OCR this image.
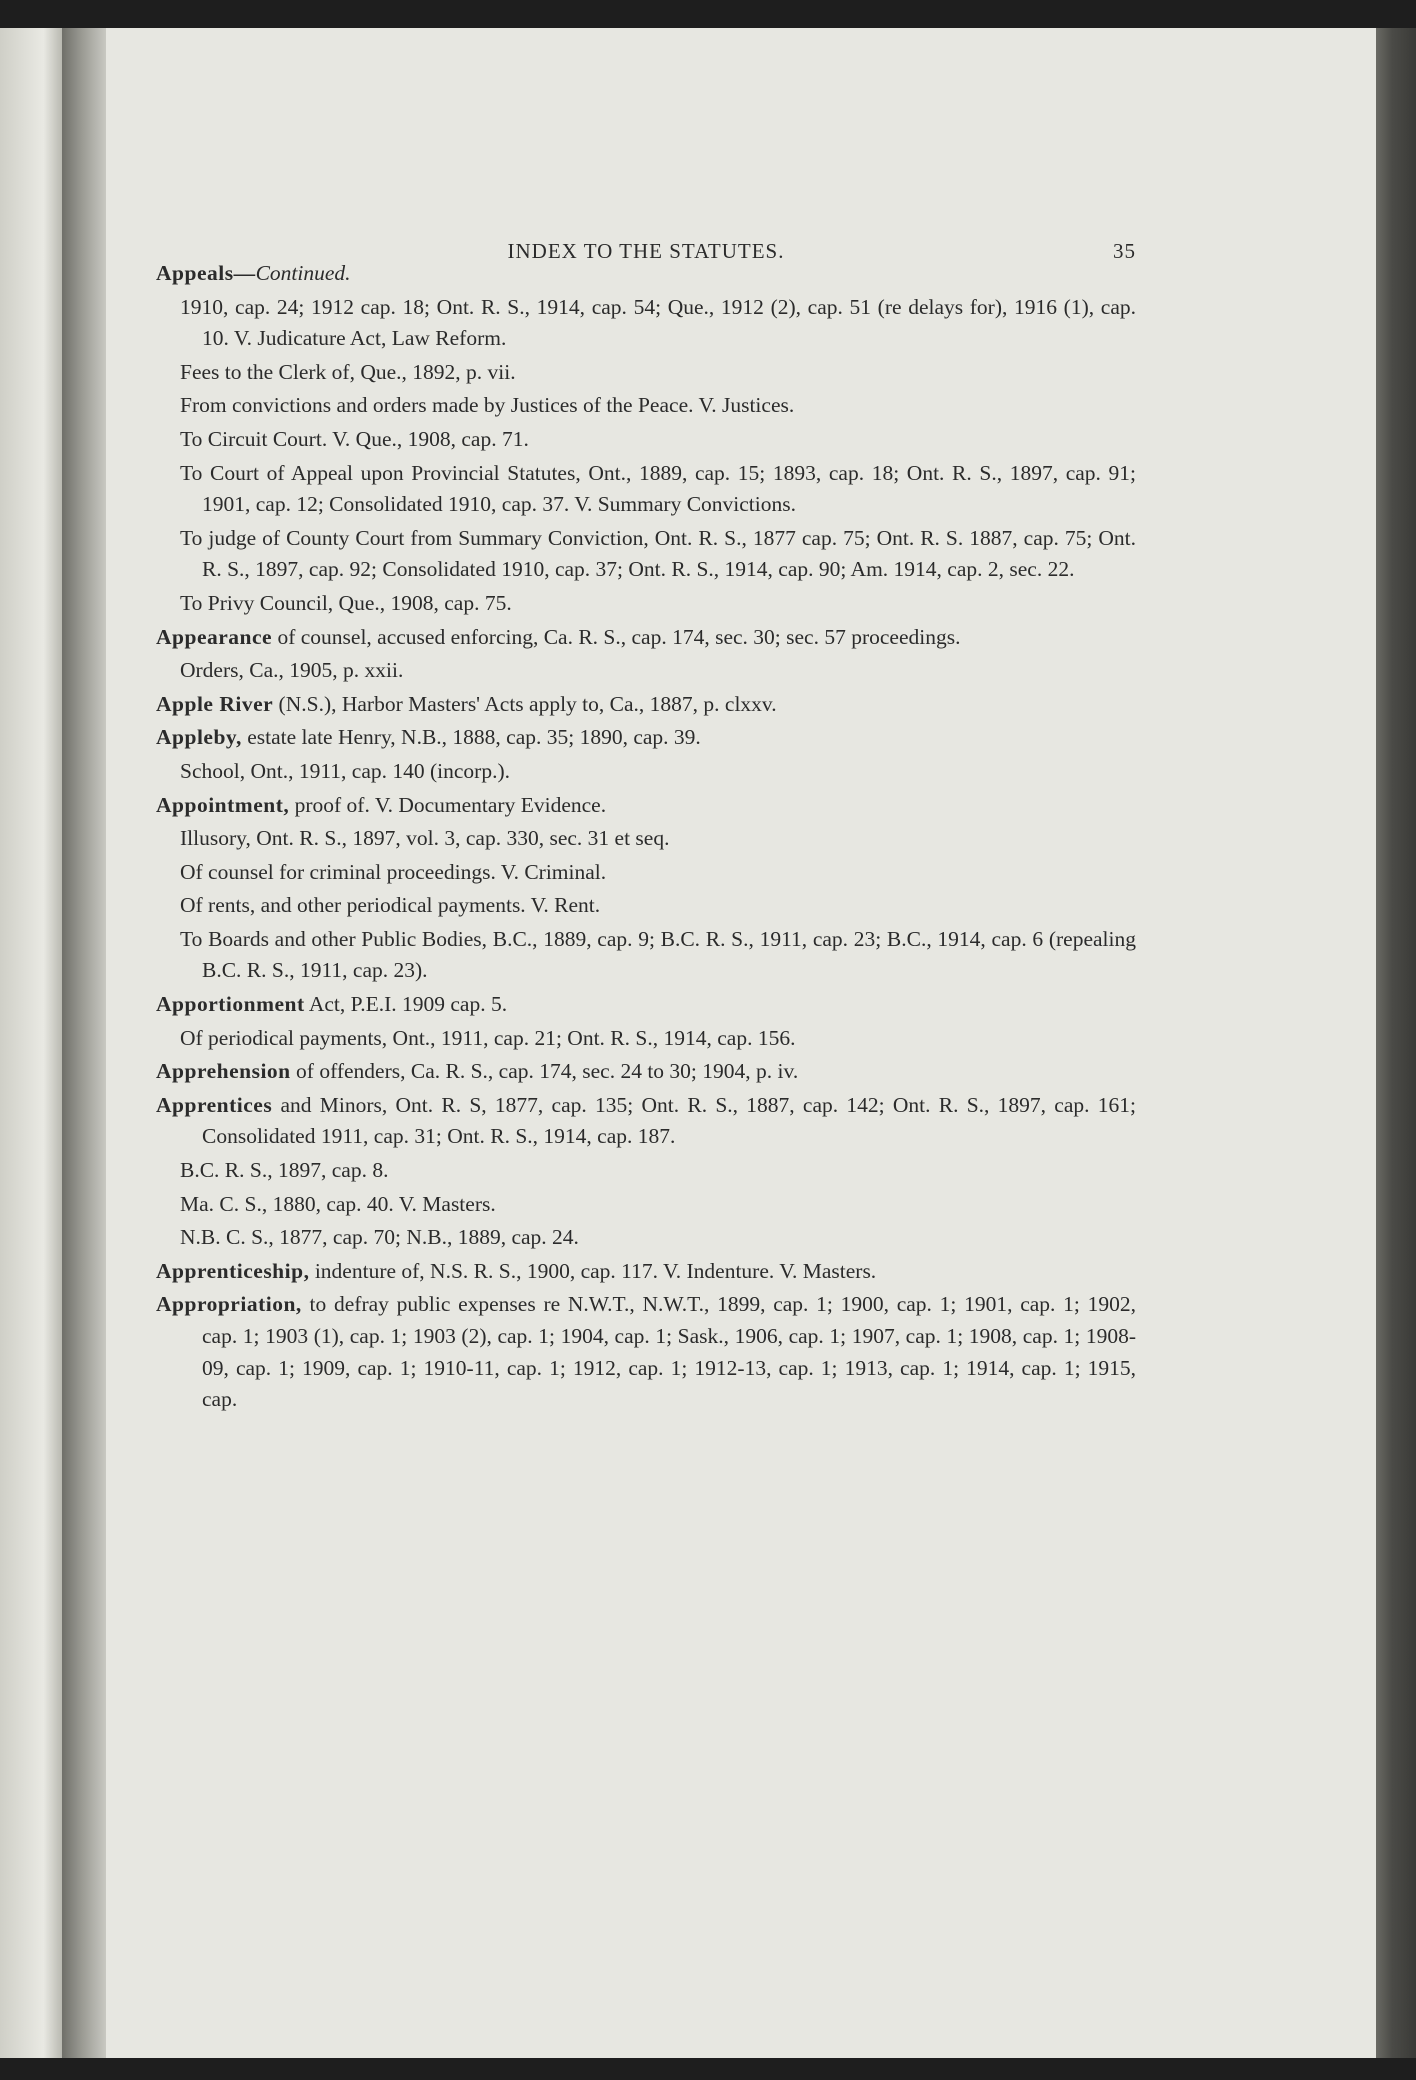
INDEX TO THE STATUTES.	35
Appeals—Continued.
1910, cap. 24; 1912 cap. 18; Ont. R. S., 1914, cap. 54; Que., 1912 (2), cap. 51 (re delays for), 1916 (1), cap. 10. V. Judicature Act, Law Reform.
Fees to the Clerk of, Que., 1892, p. vii.
From convictions and orders made by Justices of the Peace. V. Justices.
To Circuit Court. V. Que., 1908, cap. 71.
To Court of Appeal upon Provincial Statutes, Ont., 1889, cap. 15; 1893, cap. 18; Ont. R. S., 1897, cap. 91; 1901, cap. 12; Consolidated 1910, cap. 37. V. Summary Convictions.
To judge of County Court from Summary Conviction, Ont. R. S., 1877 cap. 75; Ont. R. S. 1887, cap. 75; Ont. R. S., 1897, cap. 92; Consolidated 1910, cap. 37; Ont. R. S., 1914, cap. 90; Am. 1914, cap. 2, sec. 22.
To Privy Council, Que., 1908, cap. 75.
Appearance of counsel, accused enforcing, Ca. R. S., cap. 174, sec. 30; sec. 57 proceedings.
Orders, Ca., 1905, p. xxii.
Apple River (N.S.), Harbor Masters' Acts apply to, Ca., 1887, p. clxxv.
Appleby, estate late Henry, N.B., 1888, cap. 35; 1890, cap. 39.
School, Ont., 1911, cap. 140 (incorp.).
Appointment, proof of. V. Documentary Evidence.
Illusory, Ont. R. S., 1897, vol. 3, cap. 330, sec. 31 et seq.
Of counsel for criminal proceedings. V. Criminal.
Of rents, and other periodical payments. V. Rent.
To Boards and other Public Bodies, B.C., 1889, cap. 9; B.C. R. S., 1911, cap. 23; B.C., 1914, cap. 6 (repealing B.C. R. S., 1911, cap. 23).
Apportionment Act, P.E.I. 1909 cap. 5.
Of periodical payments, Ont., 1911, cap. 21; Ont. R. S., 1914, cap. 156.
Apprehension of offenders, Ca. R. S., cap. 174, sec. 24 to 30; 1904, p. iv.
Apprentices and Minors, Ont. R. S, 1877, cap. 135; Ont. R. S., 1887, cap. 142; Ont. R. S., 1897, cap. 161; Consolidated 1911, cap. 31; Ont. R. S., 1914, cap. 187.
B.C. R. S., 1897, cap. 8.
Ma. C. S., 1880, cap. 40. V. Masters.
N.B. C. S., 1877, cap. 70; N.B., 1889, cap. 24.
Apprenticeship, indenture of, N.S. R. S., 1900, cap. 117. V. Indenture. V. Masters.
Appropriation, to defray public expenses re N.W.T., N.W.T., 1899, cap. 1; 1900, cap. 1; 1901, cap. 1; 1902, cap. 1; 1903 (1), cap. 1; 1903 (2), cap. 1; 1904, cap. 1; Sask., 1906, cap. 1; 1907, cap. 1; 1908, cap. 1; 1908-09, cap. 1; 1909, cap. 1; 1910-11, cap. 1; 1912, cap. 1; 1912-13, cap. 1; 1913, cap. 1; 1914, cap. 1; 1915, cap.
